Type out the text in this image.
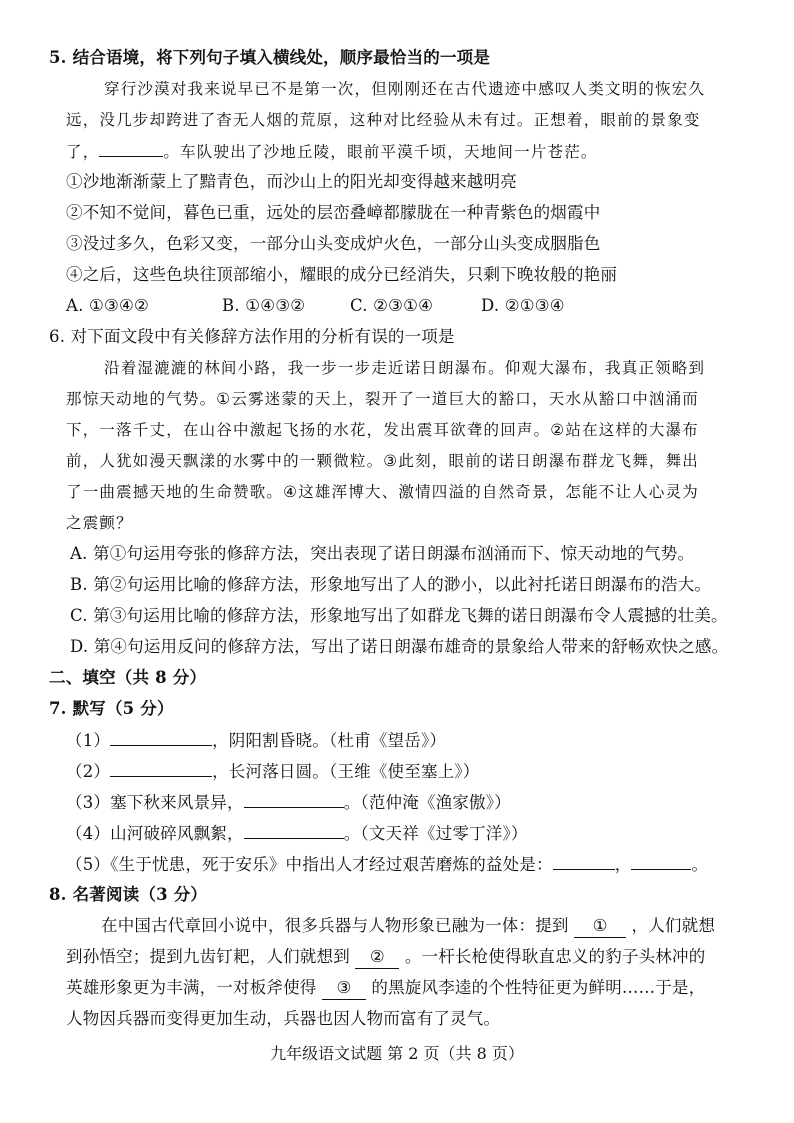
5. 结合语境，将下列句子填入横线处，顺序最恰当的一项是
穿行沙漠对我来说早已不是第一次，但刚刚还在古代遗迹中感叹人类文明的恢宏久
远，没几步却跨进了杳无人烟的荒原，这种对比经验从未有过。正想着，眼前的景象变
了，	。车队驶出了沙地丘陵，眼前平漠千顷，天地间一片苍茫。
①沙地渐渐蒙上了黯青色，而沙山上的阳光却变得越来越明亮
②不知不觉间，暮色已重，远处的层峦叠嶂都朦胧在一种青紫色的烟霞中
③没过多久，色彩又变，一部分山头变成炉火色，一部分山头变成胭脂色
④之后，这些色块往顶部缩小，耀眼的成分已经消失，只剩下晚妆般的艳丽
A. ①③④②	B. ①④③②	C. ②③①④	D. ②①③④
6. 对下面文段中有关修辞方法作用的分析有误的一项是
沿着湿漉漉的林间小路，我一步一步走近诺日朗瀑布。仰观大瀑布，我真正领略到
那惊天动地的气势。①云雾迷蒙的天上，裂开了一道巨大的豁口，天水从豁口中汹涌而
下，一落千丈，在山谷中激起飞扬的水花，发出震耳欲聋的回声。②站在这样的大瀑布
前，人犹如漫天飘漾的水雾中的一颗微粒。③此刻，眼前的诺日朗瀑布群龙飞舞，舞出
了一曲震撼天地的生命赞歌。④这雄浑博大、激情四溢的自然奇景，怎能不让人心灵为
之震颤？
A. 第①句运用夸张的修辞方法，突出表现了诺日朗瀑布汹涌而下、惊天动地的气势。
B. 第②句运用比喻的修辞方法，形象地写出了人的渺小，以此衬托诺日朗瀑布的浩大。
C. 第③句运用比喻的修辞方法，形象地写出了如群龙飞舞的诺日朗瀑布令人震撼的壮美。
D. 第④句运用反问的修辞方法，写出了诺日朗瀑布雄奇的景象给人带来的舒畅欢快之感。
二、填空（共 8 分）
7. 默写（5 分）
（1）	，阴阳割昏晓。（杜甫《望岳》）
（2）	，长河落日圆。（王维《使至塞上》）
（3）塞下秋来风景异，	。（范仲淹《渔家傲》）
（4）山河破碎风飘絮，	。（文天祥《过零丁洋》）
（5）《生于忧患，死于安乐》中指出人才经过艰苦磨炼的益处是：	，	。
8. 名著阅读（3 分）
在中国古代章回小说中，很多兵器与人物形象已融为一体：提到 ① ，人们就想
到孙悟空；提到九齿钉耙，人们就想到 ② 。一杆长枪使得耿直忠义的豹子头林冲的
英雄形象更为丰满，一对板斧使得 ③ 的黑旋风李逵的个性特征更为鲜明……于是，
人物因兵器而变得更加生动，兵器也因人物而富有了灵气。
九年级语文试题 第 2 页（共 8 页）
